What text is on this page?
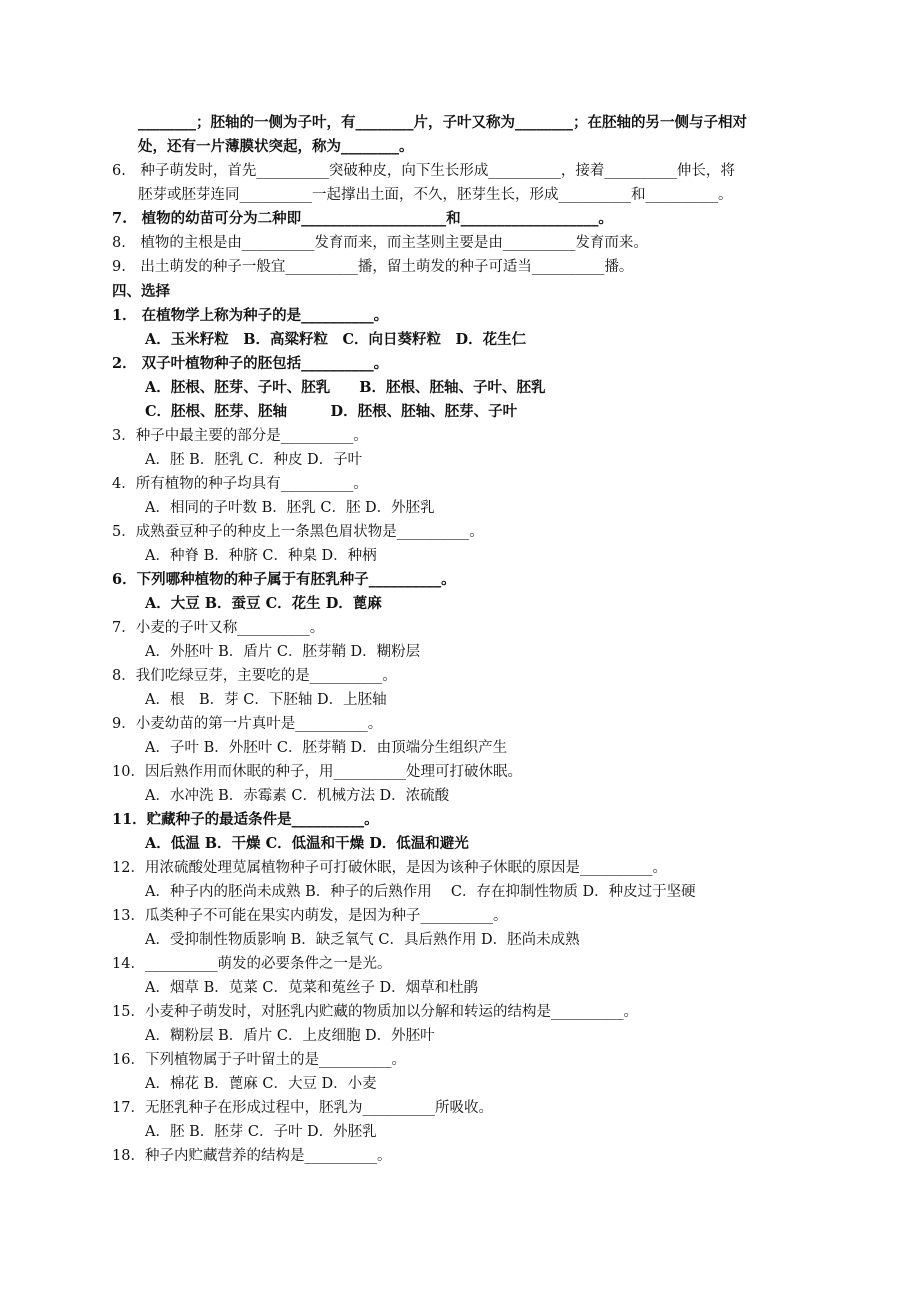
________；胚轴的一侧为子叶，有________片，子叶又称为________；在胚轴的另一侧与子相对
处，还有一片薄膜状突起，称为________。
6.　种子萌发时，首先__________突破种皮，向下生长形成__________，接着__________伸长，将
胚芽或胚芽连同__________一起撑出土面，不久，胚芽生长，形成__________和__________。
7.　植物的幼苗可分为二种即____________________和___________________。
8.　植物的主根是由__________发育而来，而主茎则主要是由__________发育而来。
9.　出土萌发的种子一般宜__________播，留土萌发的种子可适当__________播。
四、选择
1． 在植物学上称为种子的是__________。
A．玉米籽粒　B．高粱籽粒　C．向日葵籽粒　D．花生仁
2． 双子叶植物种子的胚包括__________。
A．胚根、胚芽、子叶、胚乳　　B．胚根、胚轴、子叶、胚乳
C．胚根、胚芽、胚轴　　　D．胚根、胚轴、胚芽、子叶
3．种子中最主要的部分是__________。
A．胚 B．胚乳 C．种皮 D．子叶
4．所有植物的种子均具有__________。
A．相同的子叶数 B．胚乳 C．胚 D．外胚乳
5．成熟蚕豆种子的种皮上一条黑色眉状物是__________。
A．种脊 B．种脐 C．种臬 D．种柄
6．下列哪种植物的种子属于有胚乳种子__________。
A．大豆 B．蚕豆 C．花生 D．蓖麻
7．小麦的子叶又称__________。
A．外胚叶 B．盾片 C．胚芽鞘 D．糊粉层
8．我们吃绿豆芽，主要吃的是__________。
A．根　B．芽 C．下胚轴 D．上胚轴
9．小麦幼苗的第一片真叶是__________。
A．子叶 B．外胚叶 C．胚芽鞘 D．由顶端分生组织产生
10．因后熟作用而休眠的种子，用__________处理可打破休眠。
A．水冲洗 B．赤霉素 C．机械方法 D．浓硫酸
11．贮藏种子的最适条件是__________。
A．低温 B．干燥 C．低温和干燥 D．低温和避光
12．用浓硫酸处理苋属植物种子可打破休眠，是因为该种子休眠的原因是__________。
A．种子内的胚尚未成熟 B．种子的后熟作用　 C．存在抑制性物质 D．种皮过于坚硬
13．瓜类种子不可能在果实内萌发，是因为种子__________。
A．受抑制性物质影响 B．缺乏氧气 C．具后熟作用 D．胚尚未成熟
14．__________萌发的必要条件之一是光。
A．烟草 B．苋菜 C．苋菜和菟丝子 D．烟草和杜鹃
15．小麦种子萌发时，对胚乳内贮藏的物质加以分解和转运的结构是__________。
A．糊粉层 B．盾片 C．上皮细胞 D．外胚叶
16．下列植物属于子叶留土的是__________。
A．棉花 B．蓖麻 C．大豆 D．小麦
17．无胚乳种子在形成过程中，胚乳为__________所吸收。
A．胚 B．胚芽 C．子叶 D．外胚乳
18．种子内贮藏营养的结构是__________。
